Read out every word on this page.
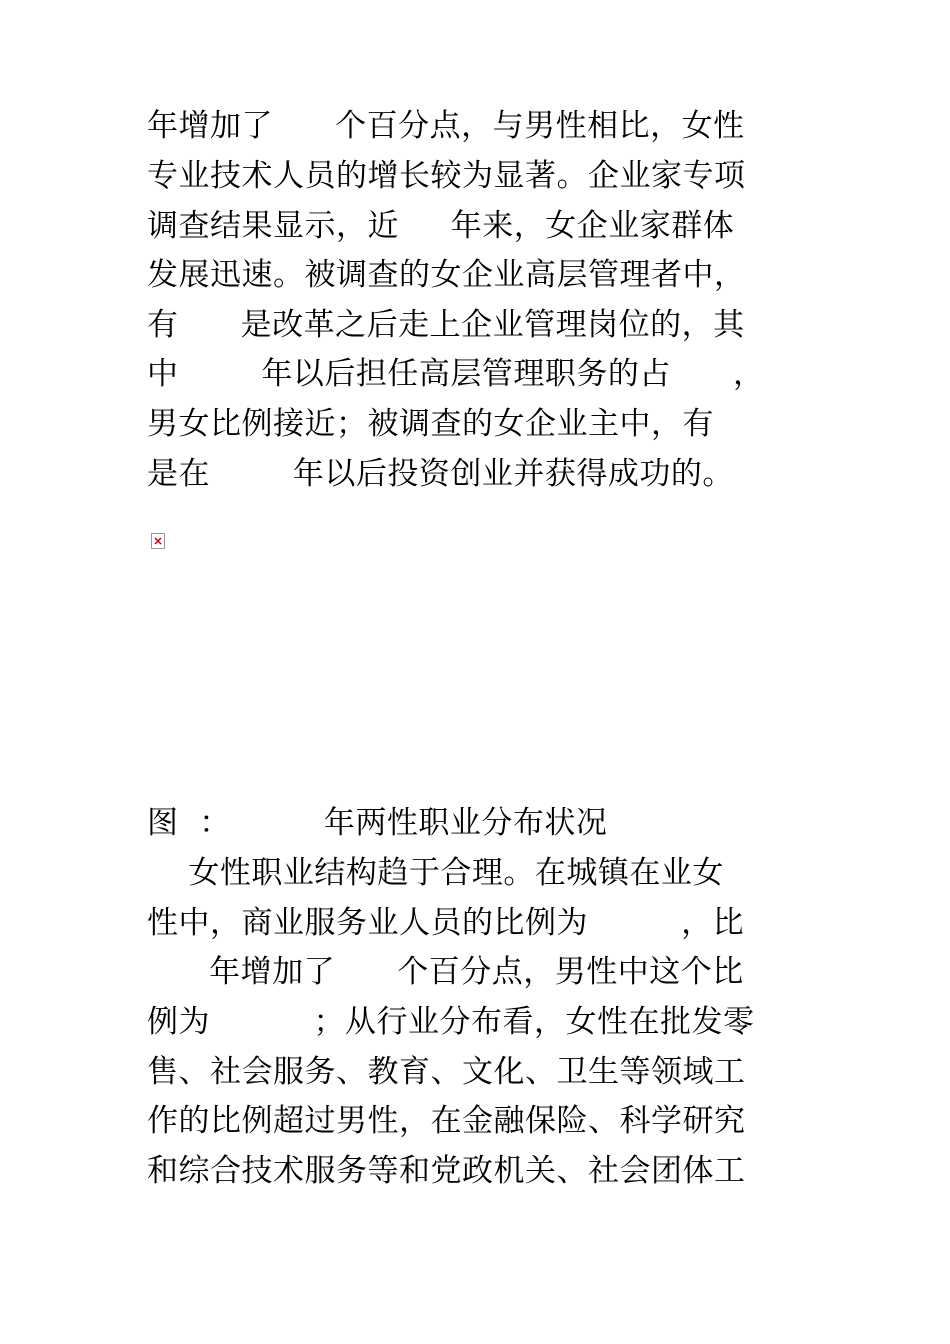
年增加了      个百分点，与男性相比，女性
专业技术人员的增长较为显著。企业家专项
调查结果显示，近     年来，女企业家群体
发展迅速。被调查的女企业高层管理者中，
有      是改革之后走上企业管理岗位的，其
中        年以后担任高层管理职务的占      ，
男女比例接近；被调查的女企业主中，有
是在        年以后投资创业并获得成功的。
图  ：         年两性职业分布状况
女性职业结构趋于合理。在城镇在业女
性中，商业服务业人员的比例为         ，比
年增加了      个百分点，男性中这个比
例为          ；从行业分布看，女性在批发零
售、社会服务、教育、文化、卫生等领域工
作的比例超过男性，在金融保险、科学研究
和综合技术服务等和党政机关、社会团体工
